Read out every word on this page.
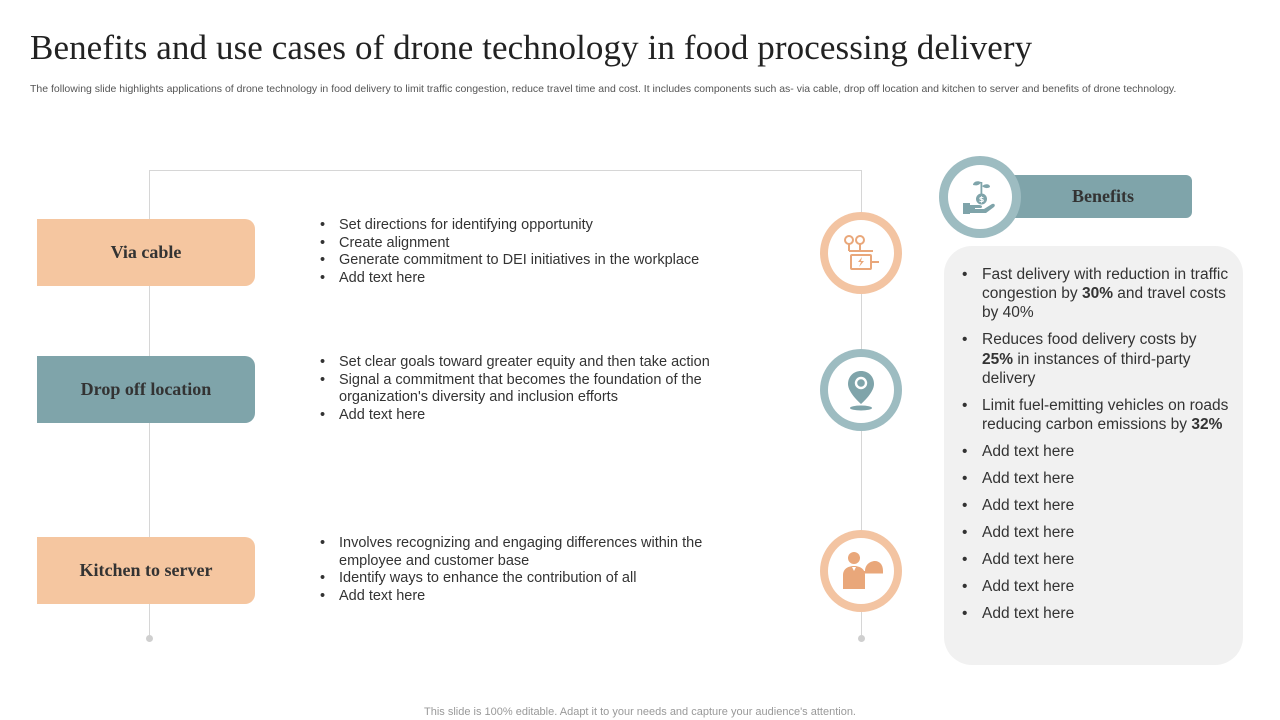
Benefits and use cases of drone technology in food processing delivery
The following slide highlights applications of drone technology in food delivery to limit traffic congestion, reduce travel time and cost. It includes components such as- via cable, drop off location and kitchen to server and benefits of drone technology.
Via cable
• Set directions for identifying opportunity
• Create alignment
• Generate commitment to DEI initiatives in the workplace
• Add text here
Drop off location
• Set clear goals toward greater equity and then take action
• Signal a commitment that becomes the foundation of the organization's diversity and inclusion efforts
• Add text here
Kitchen to server
• Involves recognizing and engaging differences within the employee and customer base
• Identify ways to enhance the contribution of all
• Add text here
Benefits
$
• Fast delivery with reduction in traffic congestion by 30% and travel costs by 40%
• Reduces food delivery costs by 25% in instances of third-party delivery
• Limit fuel-emitting vehicles on roads reducing carbon emissions by 32%
• Add text here
• Add text here
• Add text here
• Add text here
• Add text here
• Add text here
• Add text here
This slide is 100% editable. Adapt it to your needs and capture your audience's attention.
